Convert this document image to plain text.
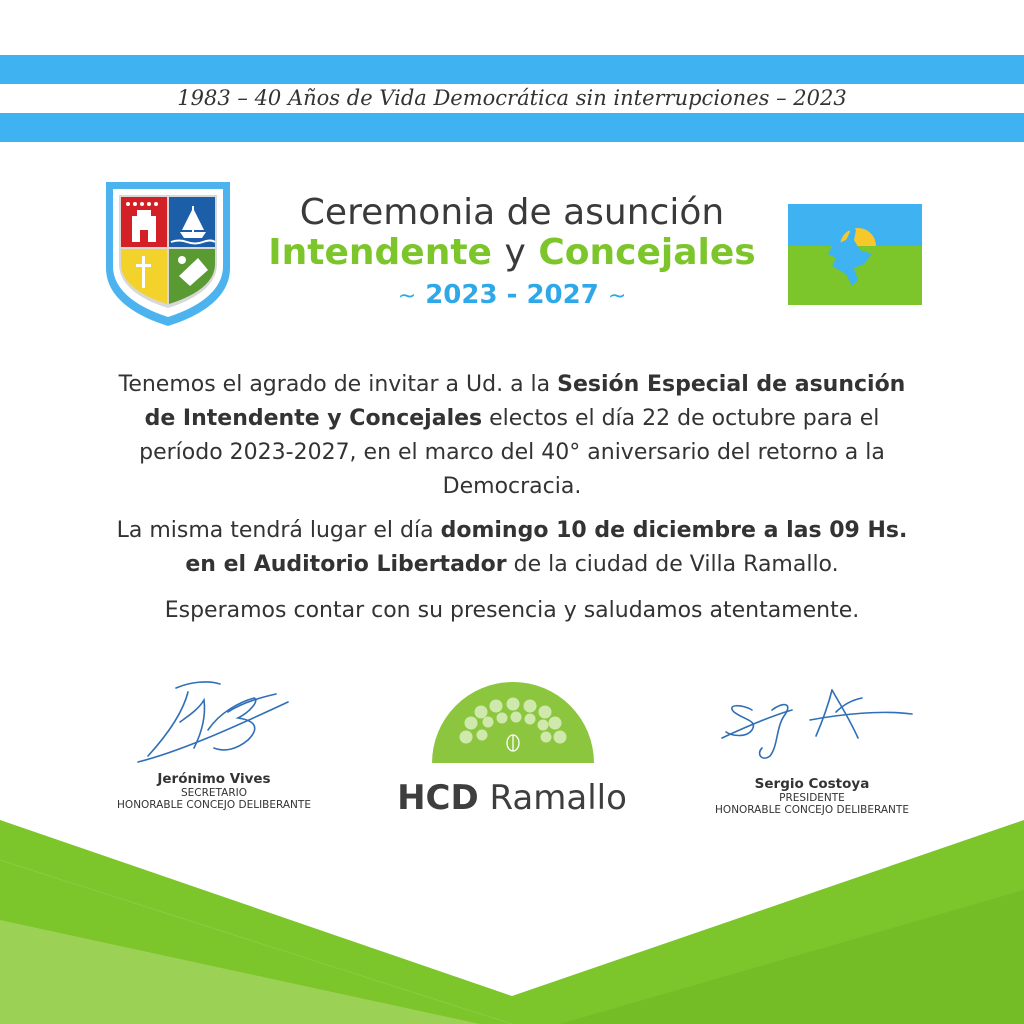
1983 – 40 Años de Vida Democrática sin interrupciones – 2023
Ceremonia de asunción
Intendente y Concejales
~ 2023 - 2027 ~
Tenemos el agrado de invitar a Ud. a la Sesión Especial de asunción de Intendente y Concejales electos el día 22 de octubre para el período 2023-2027, en el marco del 40° aniversario del retorno a la Democracia.
La misma tendrá lugar el día domingo 10 de diciembre a las 09 Hs. en el Auditorio Libertador de la ciudad de Villa Ramallo.
Esperamos contar con su presencia y saludamos atentamente.
Jerónimo Vives
SECRETARIO
HONORABLE CONCEJO DELIBERANTE	HCD Ramallo	Sergio Costoya
PRESIDENTE
HONORABLE CONCEJO DELIBERANTE
